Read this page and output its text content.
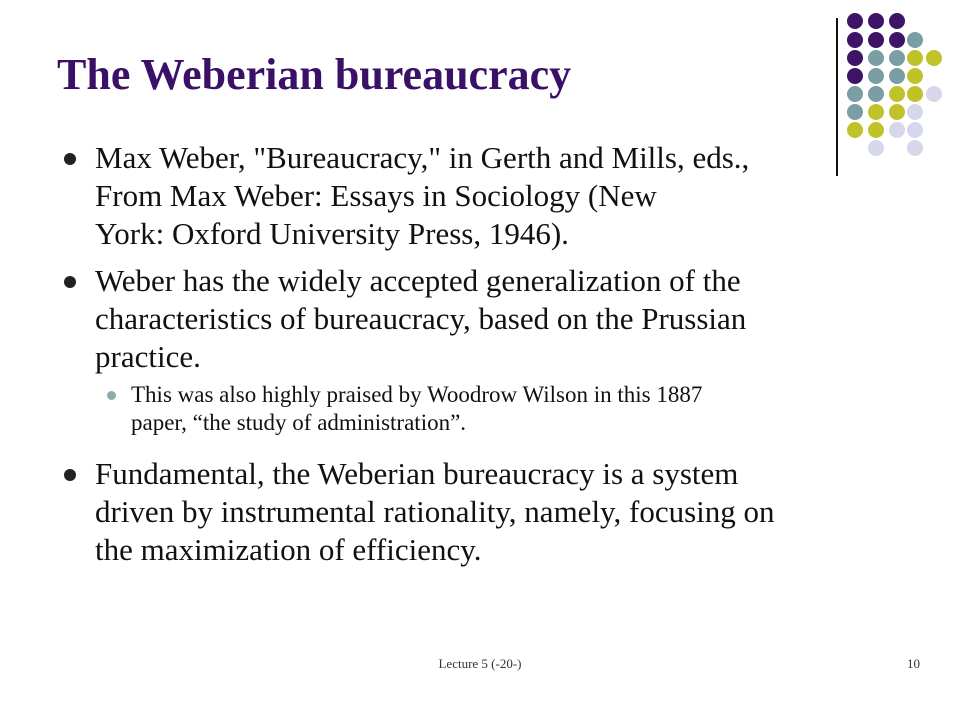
The Weberian bureaucracy
Max Weber, "Bureaucracy," in Gerth and Mills, eds.,
From Max Weber: Essays in Sociology (New
York: Oxford University Press, 1946).
Weber has the widely accepted generalization of the
characteristics of bureaucracy, based on the Prussian
practice.
This was also highly praised by Woodrow Wilson in this 1887
paper, “the study of administration”.
Fundamental, the Weberian bureaucracy is a system
driven by instrumental rationality, namely, focusing on
the maximization of efficiency.
Lecture 5 (-20-)	10
